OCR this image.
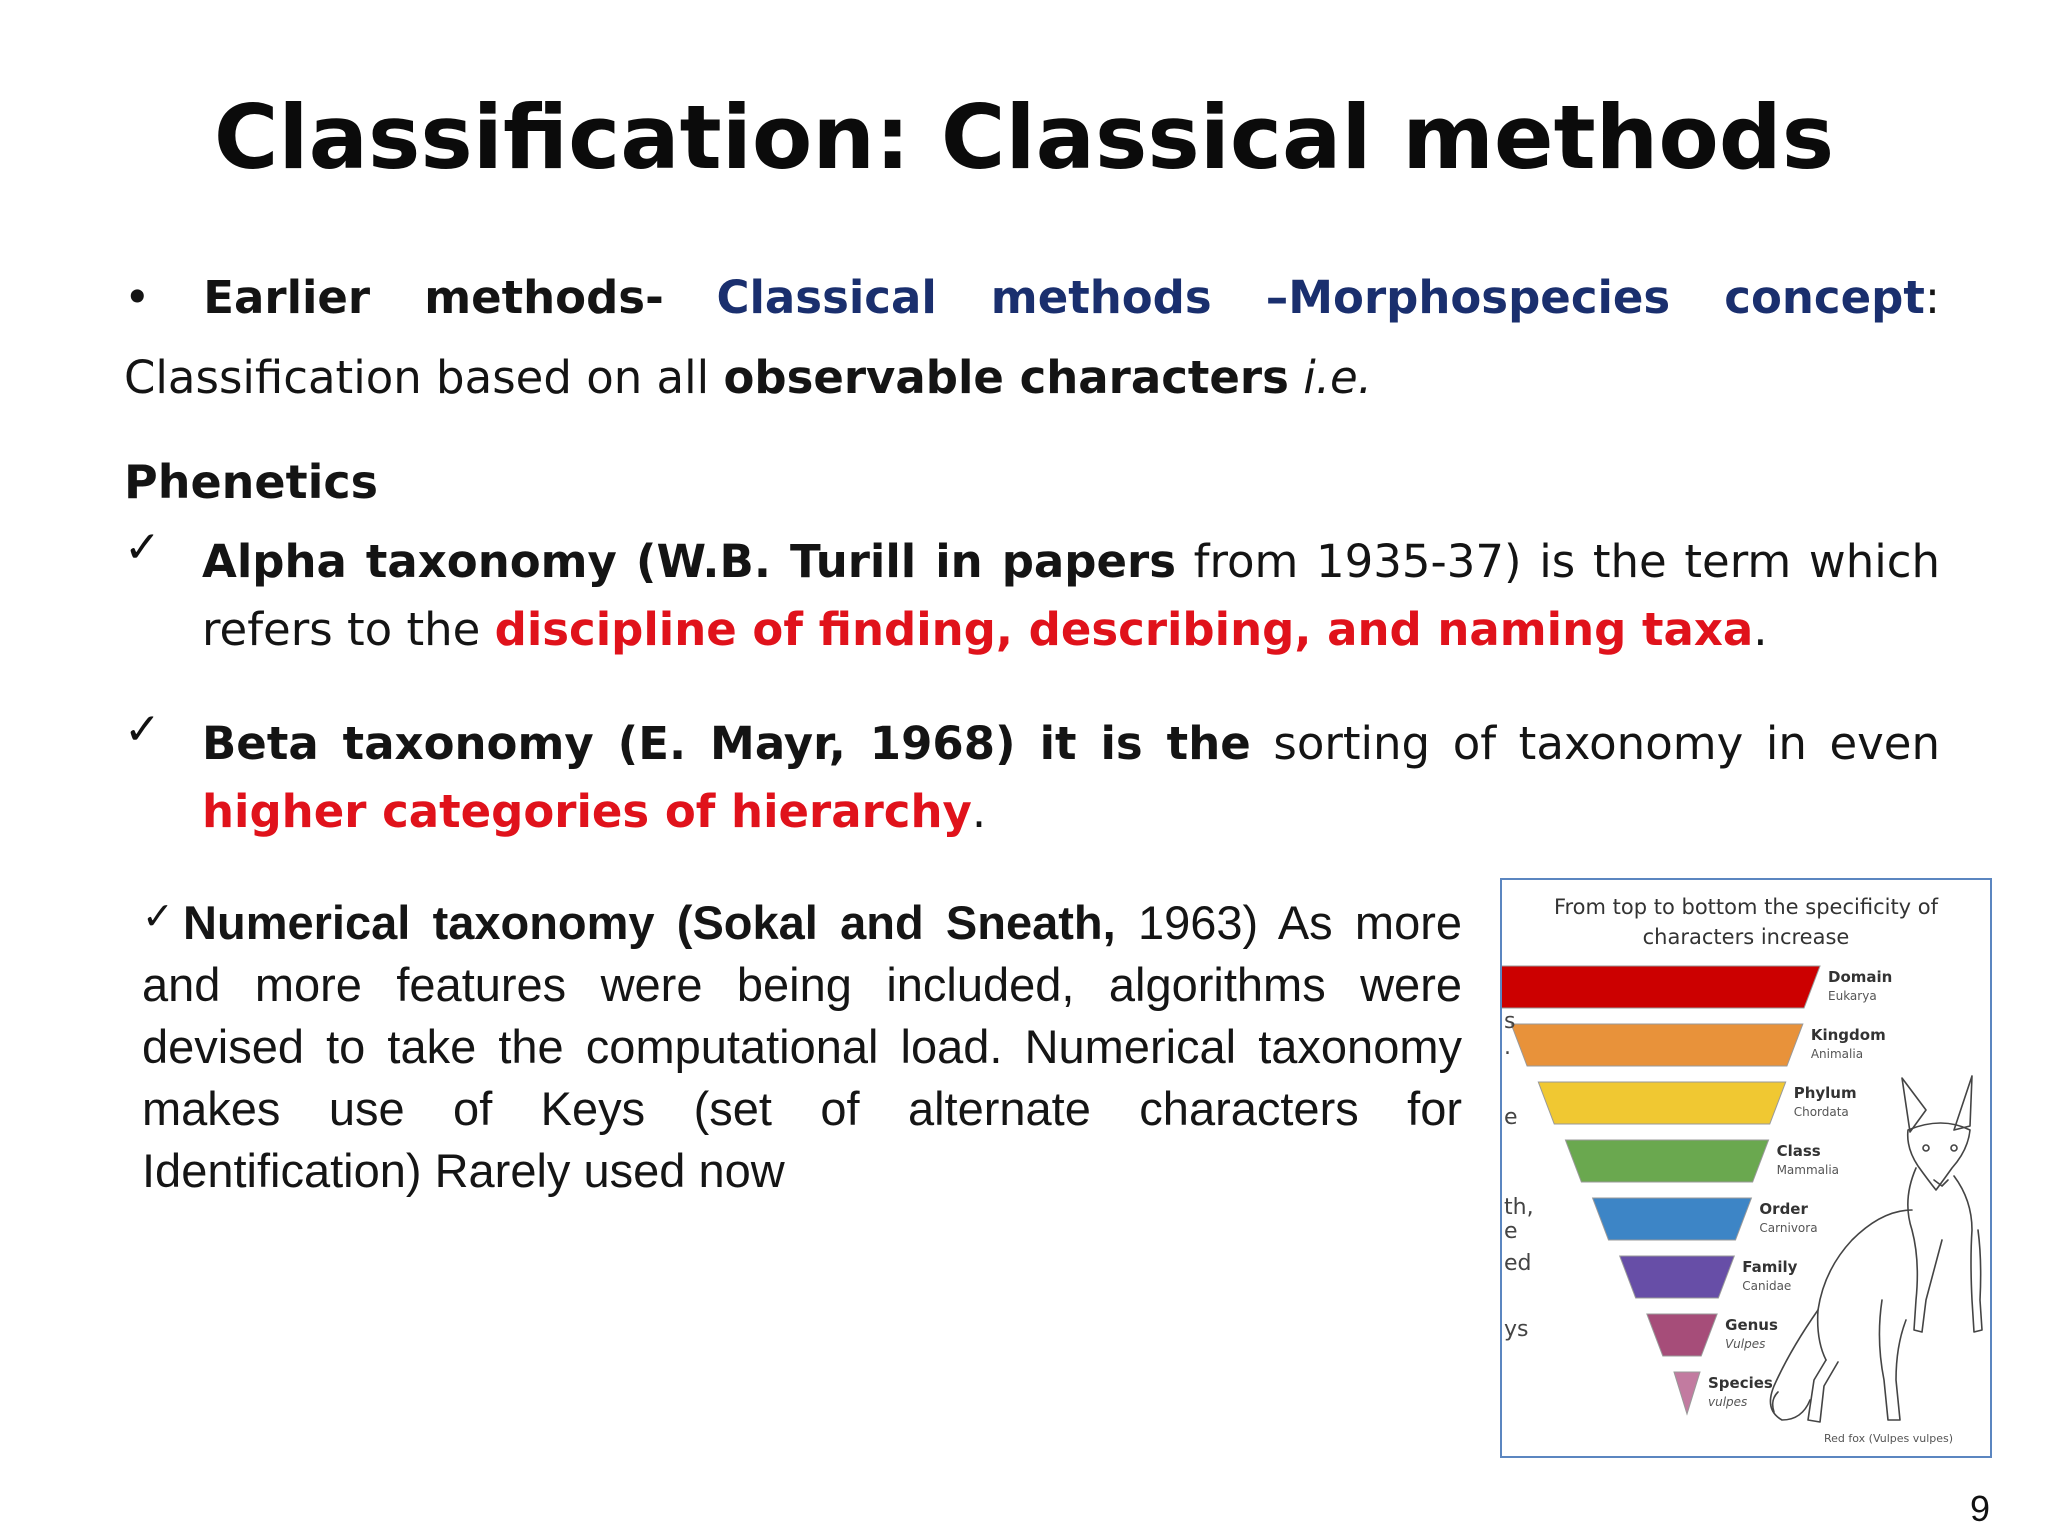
Classification: Classical methods
• Earlier methods- Classical methods –Morphospecies concept: Classification based on all observable characters i.e.
Phenetics
✓ Alpha taxonomy (W.B. Turill in papers from 1935-37) is the term which refers to the discipline of finding, describing, and naming taxa.
✓ Beta taxonomy (E. Mayr, 1968) it is the sorting of taxonomy in even higher categories of hierarchy.
✓Numerical taxonomy (Sokal and Sneath, 1963) As more and more features were being included, algorithms were devised to take the computational load. Numerical taxonomy makes use of Keys (set of alternate characters for Identification) Rarely used now
Domain
Eukarya
Kingdom
Animalia
Phylum
Chordata
Class
Mammalia
Order
Carnivora
Family
Canidae
Genus
Vulpes
Species
vulpes
s
.
e
th,
e
ed
ys
Red fox (Vulpes vulpes)
From top to bottom the specificity of characters increase
9
